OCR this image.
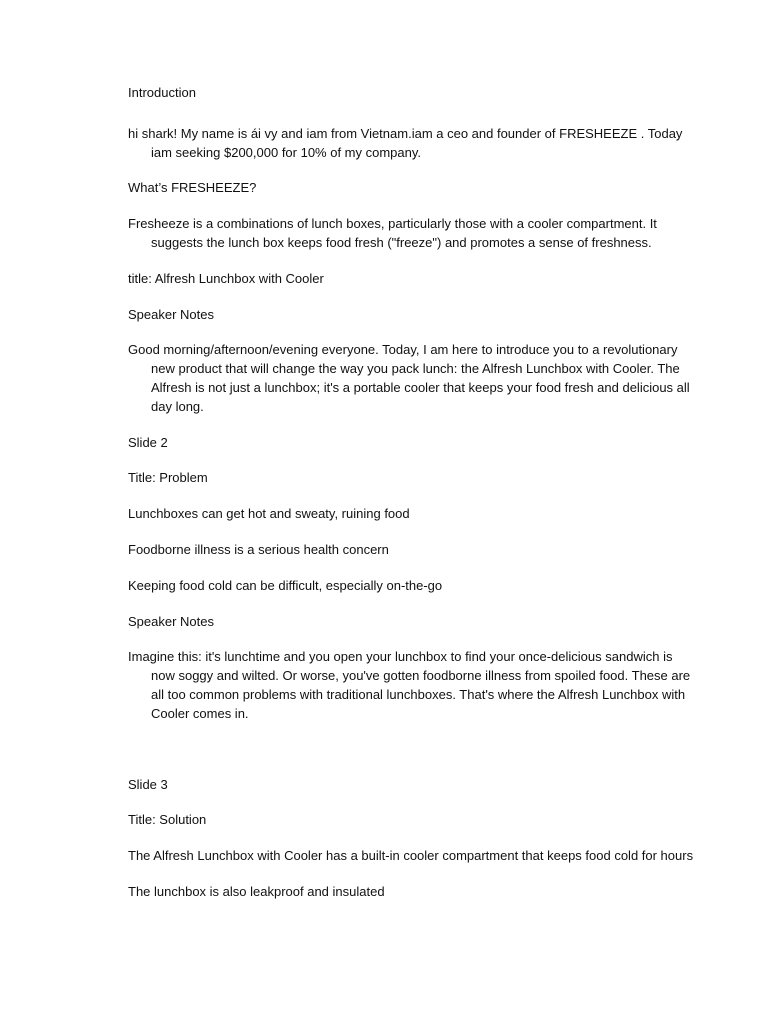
Introduction

hi shark! My name is ái vy and iam from Vietnam.iam a ceo and founder of FRESHEEZE . Today iam seeking $200,000 for 10% of my company.

What’s FRESHEEZE?

Fresheeze is a combinations of lunch boxes, particularly those with a cooler compartment. It suggests the lunch box keeps food fresh ("freeze") and promotes a sense of freshness.

title: Alfresh Lunchbox with Cooler

Speaker Notes

Good morning/afternoon/evening everyone. Today, I am here to introduce you to a revolutionary new product that will change the way you pack lunch: the Alfresh Lunchbox with Cooler. The Alfresh is not just a lunchbox; it's a portable cooler that keeps your food fresh and delicious all day long.

Slide 2

Title: Problem

Lunchboxes can get hot and sweaty, ruining food

Foodborne illness is a serious health concern

Keeping food cold can be difficult, especially on-the-go

Speaker Notes

Imagine this: it's lunchtime and you open your lunchbox to find your once-delicious sandwich is now soggy and wilted. Or worse, you've gotten foodborne illness from spoiled food. These are all too common problems with traditional lunchboxes. That's where the Alfresh Lunchbox with Cooler comes in.

Slide 3

Title: Solution

The Alfresh Lunchbox with Cooler has a built-in cooler compartment that keeps food cold for hours

The lunchbox is also leakproof and insulated
